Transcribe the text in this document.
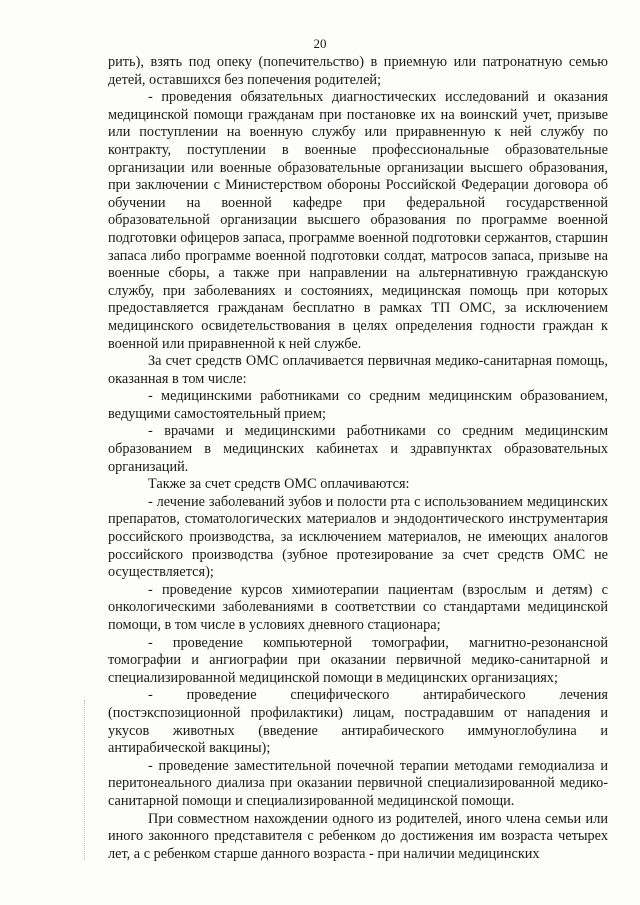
20

рить), взять под опеку (попечительство) в приемную или патронатную семью детей, оставшихся без попечения родителей;

- проведения обязательных диагностических исследований и оказания медицинской помощи гражданам при постановке их на воинский учет, призыве или поступлении на военную службу или приравненную к ней службу по контракту, поступлении в военные профессиональные образовательные организации или военные образовательные организации высшего образования, при заключении с Министерством обороны Российской Федерации договора об обучении на военной кафедре при федеральной государственной образовательной организации высшего образования по программе военной подготовки офицеров запаса, программе военной подготовки сержантов, старшин запаса либо программе военной подготовки солдат, матросов запаса, призыве на военные сборы, а также при направлении на альтернативную гражданскую службу, при заболеваниях и состояниях, медицинская помощь при которых предоставляется гражданам бесплатно в рамках ТП ОМС, за исключением медицинского освидетельствования в целях определения годности граждан к военной или приравненной к ней службе.

За счет средств ОМС оплачивается первичная медико-санитарная помощь, оказанная в том числе:

- медицинскими работниками со средним медицинским образованием, ведущими самостоятельный прием;

- врачами и медицинскими работниками со средним медицинским образованием в медицинских кабинетах и здравпунктах образовательных организаций.

Также за счет средств ОМС оплачиваются:

- лечение заболеваний зубов и полости рта с использованием медицинских препаратов, стоматологических материалов и эндодонтического инструментария российского производства, за исключением материалов, не имеющих аналогов российского производства (зубное протезирование за счет средств ОМС не осуществляется);

- проведение курсов химиотерапии пациентам (взрослым и детям) с онкологическими заболеваниями в соответствии со стандартами медицинской помощи, в том числе в условиях дневного стационара;

- проведение компьютерной томографии, магнитно-резонансной томографии и ангиографии при оказании первичной медико-санитарной и специализированной медицинской помощи в медицинских организациях;

- проведение специфического антирабического лечения (постэкспозиционной профилактики) лицам, пострадавшим от нападения и укусов животных (введение антирабического иммуноглобулина и антирабической вакцины);

- проведение заместительной почечной терапии методами гемодиализа и перитонеального диализа при оказании первичной специализированной медико-санитарной помощи и специализированной медицинской помощи.

При совместном нахождении одного из родителей, иного члена семьи или иного законного представителя с ребенком до достижения им возраста четырех лет, а с ребенком старше данного возраста - при наличии медицинских
